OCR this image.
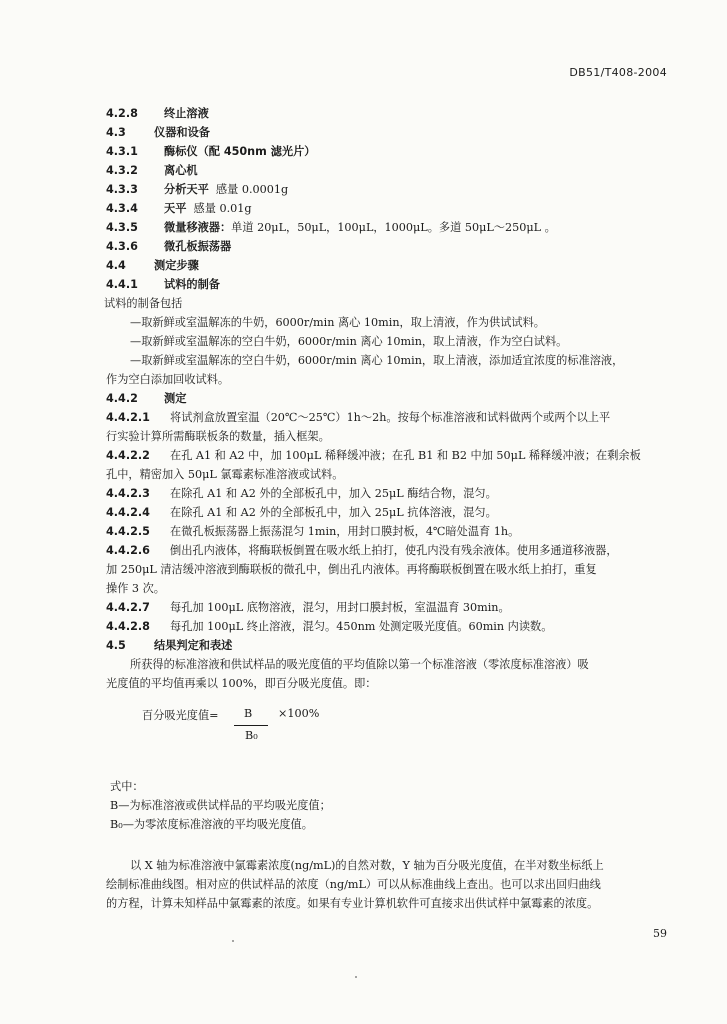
DB51/T408-2004
4.2.8 终止溶液
4.3	仪器和设备
4.3.1 酶标仪（配 450nm 滤光片）
4.3.2 离心机
4.3.3 分析天平 感量 0.0001g
4.3.4 天平 感量 0.01g
4.3.5 微量移液器：单道 20μL，50μL，100μL，1000μL。多道 50μL～250μL 。
4.3.6 微孔板振荡器
4.4	测定步骤
4.4.1 试料的制备
试料的制备包括
—取新鲜或室温解冻的牛奶，6000r/min 离心 10min，取上清液，作为供试试料。
—取新鲜或室温解冻的空白牛奶，6000r/min 离心 10min，取上清液，作为空白试料。
—取新鲜或室温解冻的空白牛奶，6000r/min 离心 10min，取上清液，添加适宜浓度的标准溶液，
作为空白添加回收试料。
4.4.2 测定
4.4.2.1 将试剂盒放置室温（20℃～25℃）1h～2h。按每个标准溶液和试料做两个或两个以上平
行实验计算所需酶联板条的数量，插入框架。
4.4.2.2 在孔 A1 和 A2 中，加 100μL 稀释缓冲液；在孔 B1 和 B2 中加 50μL 稀释缓冲液；在剩余板
孔中，精密加入 50μL 氯霉素标准溶液或试料。
4.4.2.3 在除孔 A1 和 A2 外的全部板孔中，加入 25μL 酶结合物，混匀。
4.4.2.4 在除孔 A1 和 A2 外的全部板孔中，加入 25μL 抗体溶液，混匀。
4.4.2.5 在微孔板振荡器上振荡混匀 1min，用封口膜封板，4℃暗处温育 1h。
4.4.2.6 倒出孔内液体，将酶联板倒置在吸水纸上拍打，使孔内没有残余液体。使用多通道移液器，
加 250μL 清洁缓冲溶液到酶联板的微孔中，倒出孔内液体。再将酶联板倒置在吸水纸上拍打，重复
操作 3 次。
4.4.2.7 每孔加 100μL 底物溶液，混匀，用封口膜封板，室温温育 30min。
4.4.2.8 每孔加 100μL 终止溶液，混匀。450nm 处测定吸光度值。60min 内读数。
4.5	结果判定和表述
所获得的标准溶液和供试样品的吸光度值的平均值除以第一个标准溶液（零浓度标准溶液）吸
光度值的平均值再乘以 100%，即百分吸光度值。即：
百分吸光度值= B
B₀
×100%
式中：
B—为标准溶液或供试样品的平均吸光度值；
B₀—为零浓度标准溶液的平均吸光度值。
以 X 轴为标准溶液中氯霉素浓度(ng/mL)的自然对数，Y 轴为百分吸光度值，在半对数坐标纸上
绘制标准曲线图。相对应的供试样品的浓度（ng/mL）可以从标准曲线上查出。也可以求出回归曲线
的方程，计算未知样品中氯霉素的浓度。如果有专业计算机软件可直接求出供试样中氯霉素的浓度。
59
